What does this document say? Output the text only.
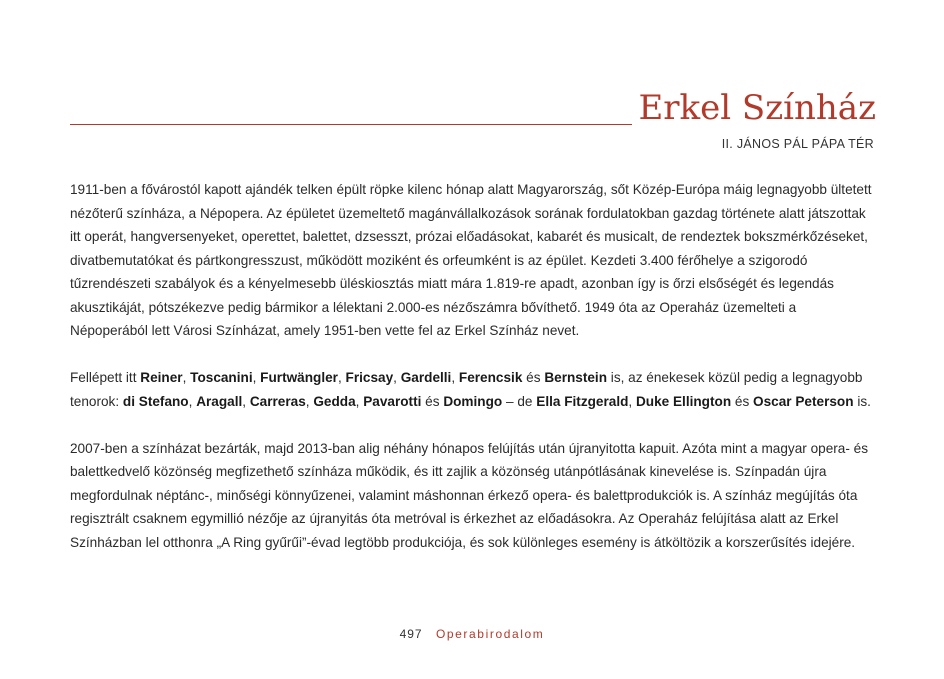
Erkel Színház
II. JÁNOS PÁL PÁPA TÉR

1911-ben a fővárostól kapott ajándék telken épült röpke kilenc hónap alatt Magyarország, sőt Közép-Európa máig legnagyobb ültetett nézőterű színháza, a Népopera. Az épületet üzemeltető magánvállalkozások sorának fordulatokban gazdag története alatt játszottak itt operát, hangversenyeket, operettet, balettet, dzsesszt, prózai előadásokat, kabarét és musicalt, de rendeztek bokszmérkőzéseket, divatbemutatókat és pártkongresszust, működött moziként és orfeumként is az épület. Kezdeti 3.400 férőhelye a szigorodó tűzrendészeti szabályok és a kényelmesebb üléskiosztás miatt mára 1.819-re apadt, azonban így is őrzi elsőségét és legendás akusztikáját, pótszékezve pedig bármikor a lélektani 2.000-es nézőszámra bővíthető. 1949 óta az Operaház üzemelteti a Népoperából lett Városi Színházat, amely 1951-ben vette fel az Erkel Színház nevet.

Fellépett itt Reiner, Toscanini, Furtwängler, Fricsay, Gardelli, Ferencsik és Bernstein is, az énekesek közül pedig a legnagyobb tenorok: di Stefano, Aragall, Carreras, Gedda, Pavarotti és Domingo – de Ella Fitzgerald, Duke Ellington és Oscar Peterson is.

2007-ben a színházat bezárták, majd 2013-ban alig néhány hónapos felújítás után újranyitotta kapuit. Azóta mint a magyar opera- és balettkedvelő közönség megfizethető színháza működik, és itt zajlik a közönség utánpótlásának kinevelése is. Színpadán újra megfordulnak néptánc-, minőségi könnyűzenei, valamint máshonnan érkező opera- és balettprodukciók is. A színház megújítás óta regisztrált csaknem egymillió nézője az újranyitás óta metróval is érkezhet az előadásokra. Az Operaház felújítása alatt az Erkel Színházban lel otthonra „A Ring gyűrűi”-évad legtöbb produkciója, és sok különleges esemény is átköltözik a korszerűsítés idejére.

497 Operabirodalom
